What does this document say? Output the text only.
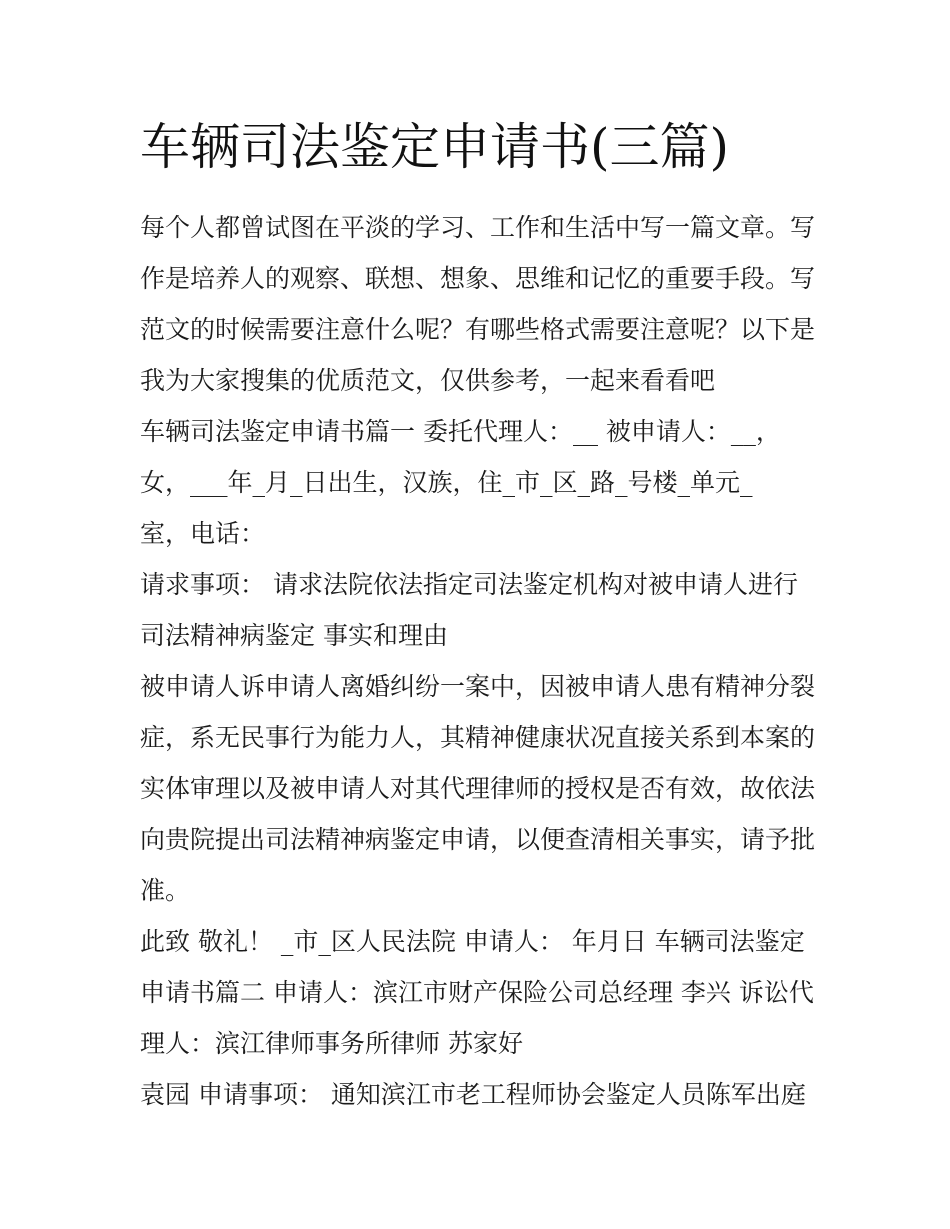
车辆司法鉴定申请书(三篇)
每个人都曾试图在平淡的学习、工作和生活中写一篇文章。写
作是培养人的观察、联想、想象、思维和记忆的重要手段。写
范文的时候需要注意什么呢？有哪些格式需要注意呢？以下是
我为大家搜集的优质范文，仅供参考，一起来看看吧
车辆司法鉴定申请书篇一 委托代理人：__ 被申请人：__，
女，___年_月_日出生，汉族，住_市_区_路_号楼_单元_
室，电话：
请求事项： 请求法院依法指定司法鉴定机构对被申请人进行
司法精神病鉴定 事实和理由
被申请人诉申请人离婚纠纷一案中，因被申请人患有精神分裂
症，系无民事行为能力人，其精神健康状况直接关系到本案的
实体审理以及被申请人对其代理律师的授权是否有效，故依法
向贵院提出司法精神病鉴定申请，以便查清相关事实，请予批
准。
此致 敬礼！ _市_区人民法院 申请人： 年月日 车辆司法鉴定
申请书篇二 申请人：滨江市财产保险公司总经理 李兴 诉讼代
理人：滨江律师事务所律师 苏家好
袁园 申请事项： 通知滨江市老工程师协会鉴定人员陈军出庭
